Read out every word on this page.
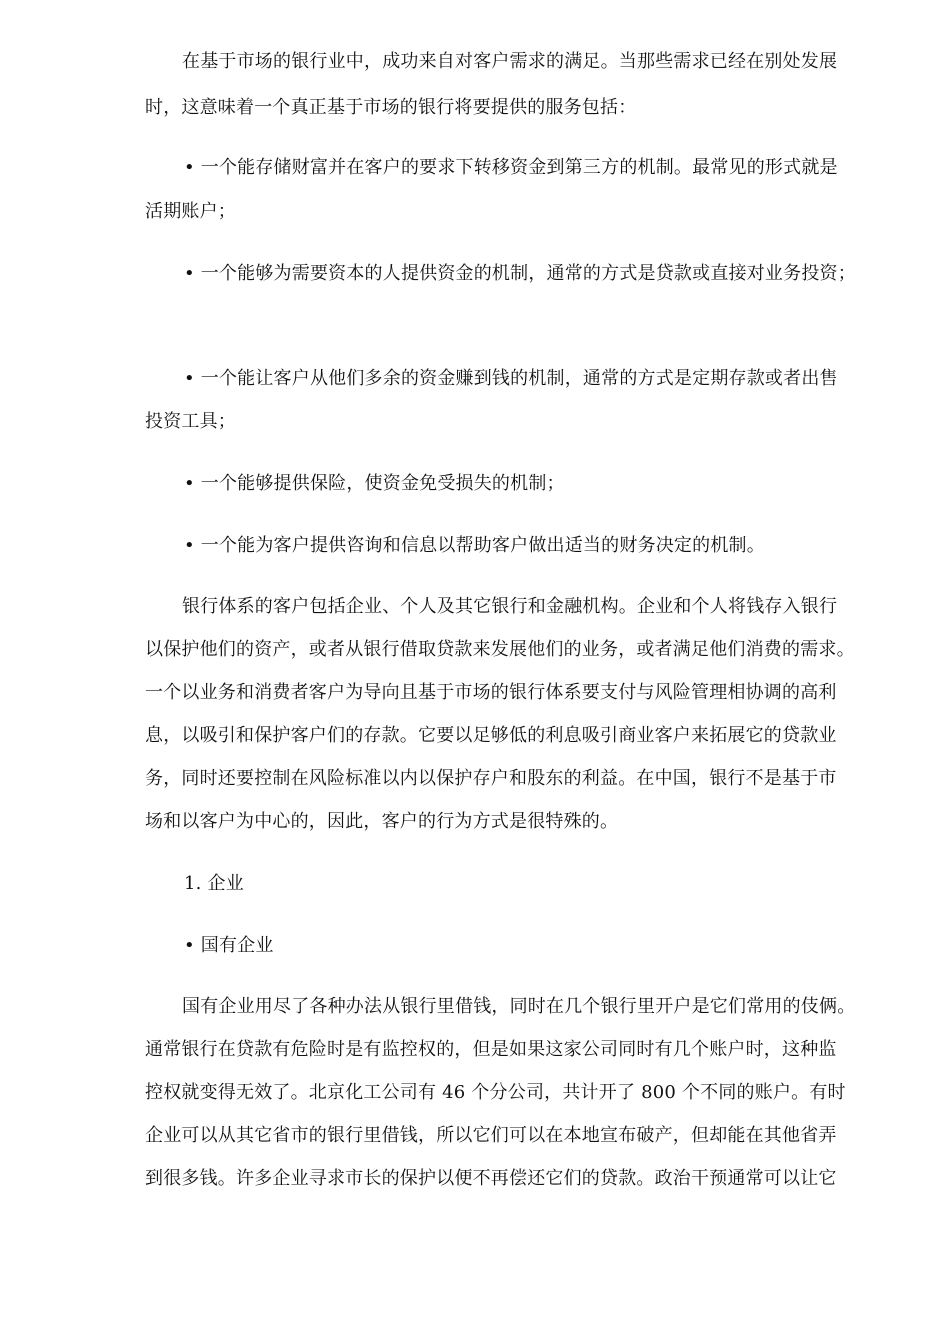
在基于市场的银行业中，成功来自对客户需求的满足。当那些需求已经在别处发展
时，这意味着一个真正基于市场的银行将要提供的服务包括：
• 一个能存储财富并在客户的要求下转移资金到第三方的机制。最常见的形式就是
活期账户；
• 一个能够为需要资本的人提供资金的机制，通常的方式是贷款或直接对业务投资；
• 一个能让客户从他们多余的资金赚到钱的机制，通常的方式是定期存款或者出售
投资工具；
• 一个能够提供保险，使资金免受损失的机制；
• 一个能为客户提供咨询和信息以帮助客户做出适当的财务决定的机制。
银行体系的客户包括企业、个人及其它银行和金融机构。企业和个人将钱存入银行
以保护他们的资产，或者从银行借取贷款来发展他们的业务，或者满足他们消费的需求。
一个以业务和消费者客户为导向且基于市场的银行体系要支付与风险管理相协调的高利
息，以吸引和保护客户们的存款。它要以足够低的利息吸引商业客户来拓展它的贷款业
务，同时还要控制在风险标准以内以保护存户和股东的利益。在中国，银行不是基于市
场和以客户为中心的，因此，客户的行为方式是很特殊的。
1. 企业
• 国有企业
国有企业用尽了各种办法从银行里借钱，同时在几个银行里开户是它们常用的伎俩。
通常银行在贷款有危险时是有监控权的，但是如果这家公司同时有几个账户时，这种监
控权就变得无效了。北京化工公司有 46 个分公司，共计开了 800 个不同的账户。有时
企业可以从其它省市的银行里借钱，所以它们可以在本地宣布破产，但却能在其他省弄
到很多钱。许多企业寻求市长的保护以便不再偿还它们的贷款。政治干预通常可以让它
